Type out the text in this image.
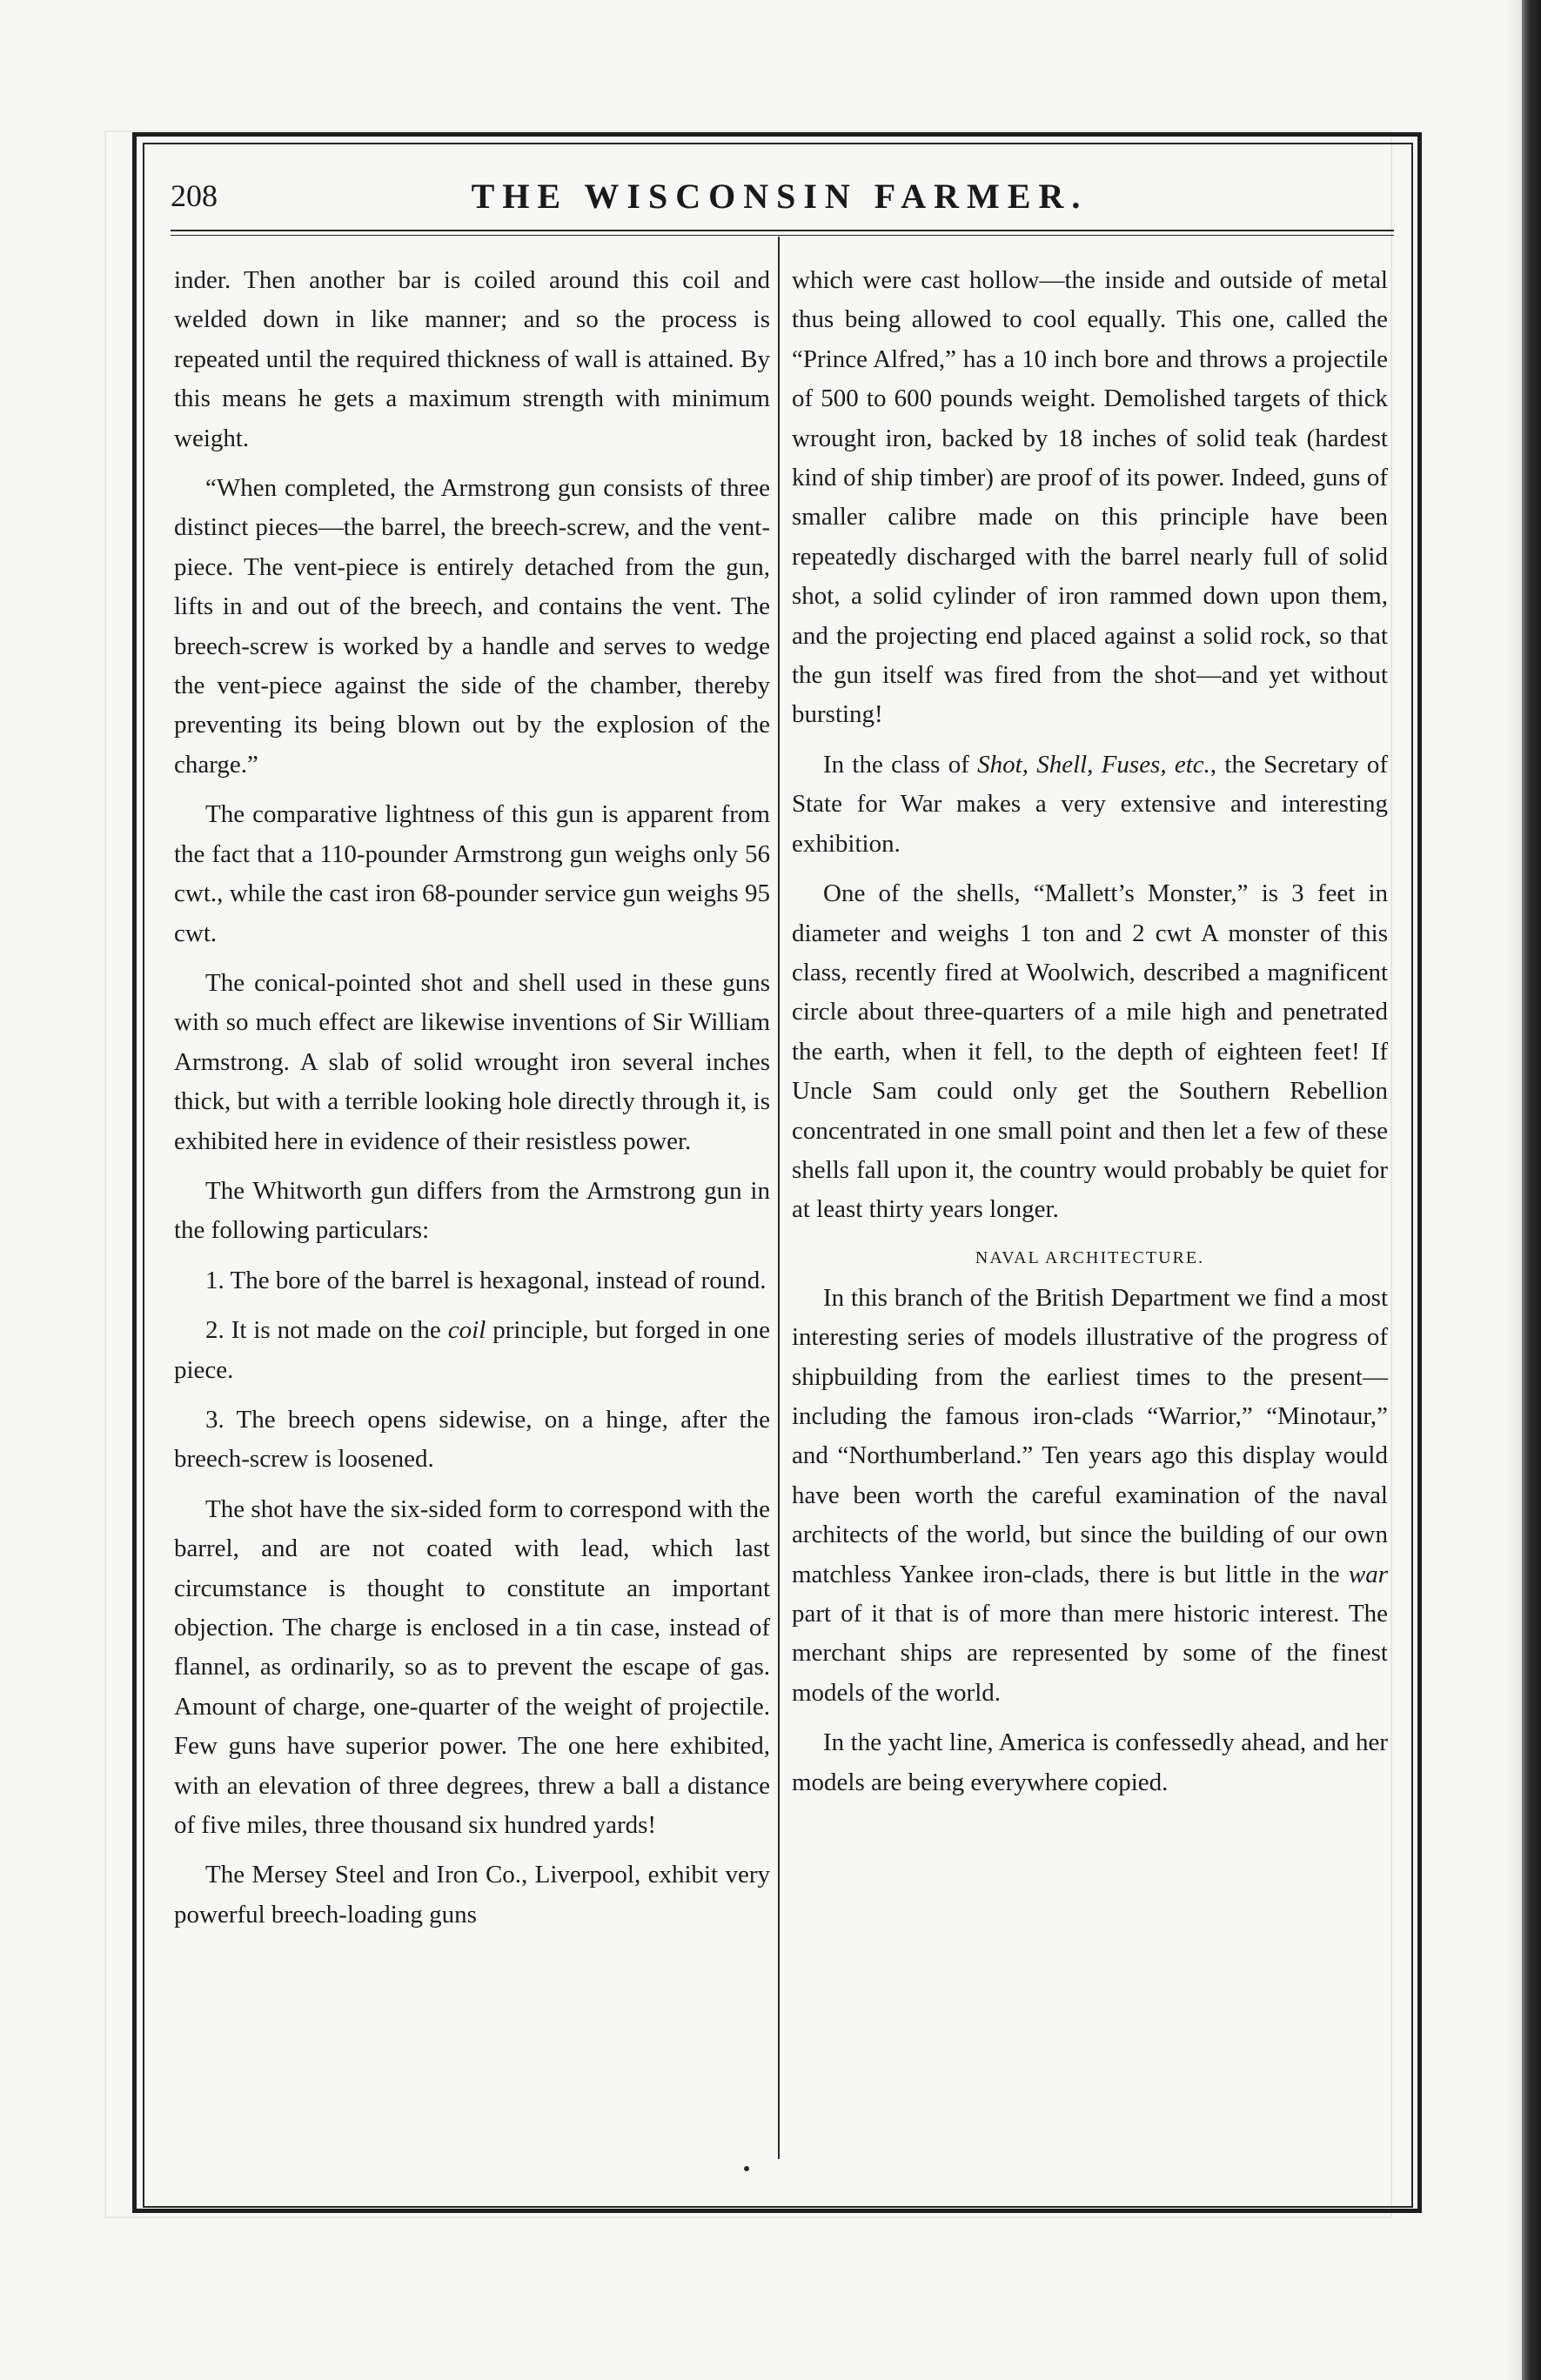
208	THE WISCONSIN FARMER.

inder. Then another bar is coiled around this coil and welded down in like manner; and so the process is repeated until the required thickness of wall is attained. By this means he gets a maximum strength with minimum weight.

“When completed, the Armstrong gun consists of three distinct pieces—the barrel, the breech-screw, and the vent-piece. The vent-piece is entirely detached from the gun, lifts in and out of the breech, and contains the vent. The breech-screw is worked by a handle and serves to wedge the vent-piece against the side of the chamber, thereby preventing its being blown out by the explosion of the charge.”

The comparative lightness of this gun is apparent from the fact that a 110-pounder Armstrong gun weighs only 56 cwt., while the cast iron 68-pounder service gun weighs 95 cwt.

The conical-pointed shot and shell used in these guns with so much effect are likewise inventions of Sir William Armstrong. A slab of solid wrought iron several inches thick, but with a terrible looking hole directly through it, is exhibited here in evidence of their resistless power.

The Whitworth gun differs from the Armstrong gun in the following particulars:

1. The bore of the barrel is hexagonal, instead of round.

2. It is not made on the coil principle, but forged in one piece.

3. The breech opens sidewise, on a hinge, after the breech-screw is loosened.

The shot have the six-sided form to correspond with the barrel, and are not coated with lead, which last circumstance is thought to constitute an important objection. The charge is enclosed in a tin case, instead of flannel, as ordinarily, so as to prevent the escape of gas. Amount of charge, one-quarter of the weight of projectile. Few guns have superior power. The one here exhibited, with an elevation of three degrees, threw a ball a distance of five miles, three thousand six hundred yards!

The Mersey Steel and Iron Co., Liverpool, exhibit very powerful breech-loading guns

which were cast hollow—the inside and outside of metal thus being allowed to cool equally. This one, called the “Prince Alfred,” has a 10 inch bore and throws a projectile of 500 to 600 pounds weight. Demolished targets of thick wrought iron, backed by 18 inches of solid teak (hardest kind of ship timber) are proof of its power. Indeed, guns of smaller calibre made on this principle have been repeatedly discharged with the barrel nearly full of solid shot, a solid cylinder of iron rammed down upon them, and the projecting end placed against a solid rock, so that the gun itself was fired from the shot—and yet without bursting!

In the class of Shot, Shell, Fuses, etc., the Secretary of State for War makes a very extensive and interesting exhibition.

One of the shells, “Mallett’s Monster,” is 3 feet in diameter and weighs 1 ton and 2 cwt A monster of this class, recently fired at Woolwich, described a magnificent circle about three-quarters of a mile high and penetrated the earth, when it fell, to the depth of eighteen feet! If Uncle Sam could only get the Southern Rebellion concentrated in one small point and then let a few of these shells fall upon it, the country would probably be quiet for at least thirty years longer.

NAVAL ARCHITECTURE.

In this branch of the British Department we find a most interesting series of models illustrative of the progress of shipbuilding from the earliest times to the present—including the famous iron-clads “Warrior,” “Minotaur,” and “Northumberland.” Ten years ago this display would have been worth the careful examination of the naval architects of the world, but since the building of our own matchless Yankee iron-clads, there is but little in the war part of it that is of more than mere historic interest. The merchant ships are represented by some of the finest models of the world.

In the yacht line, America is confessedly ahead, and her models are being everywhere copied.
